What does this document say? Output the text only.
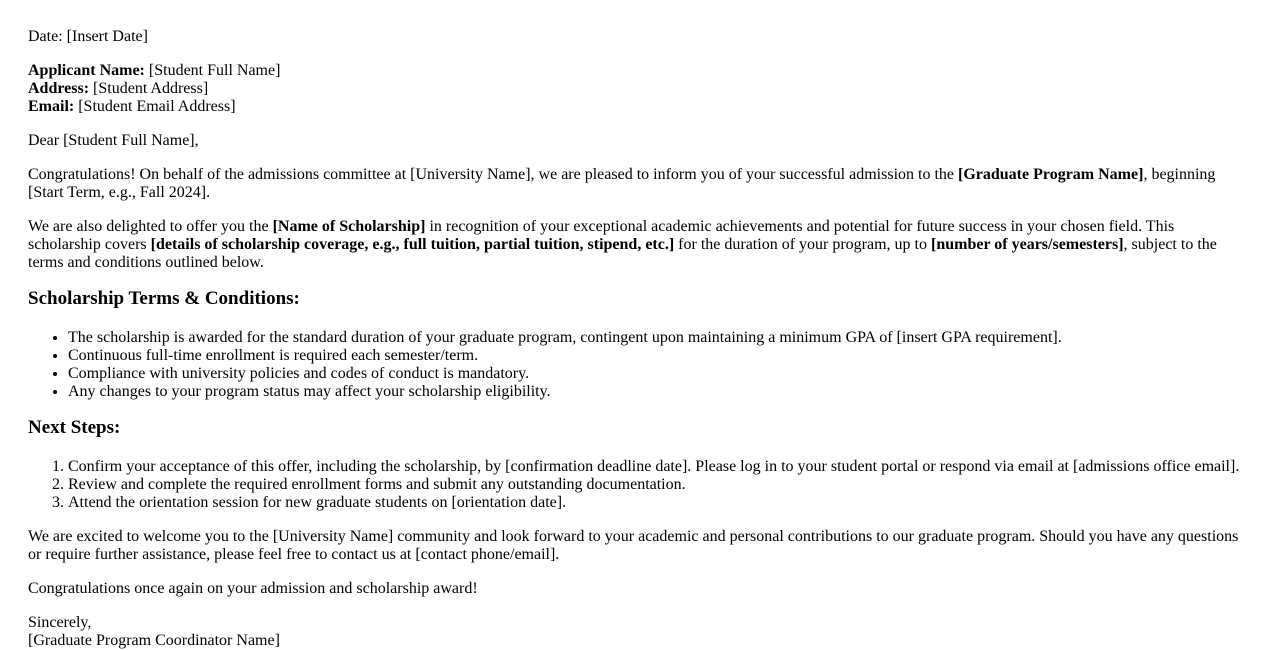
Date: [Insert Date]

Applicant Name: [Student Full Name]
Address: [Student Address]
Email: [Student Email Address]

Dear [Student Full Name],

Congratulations! On behalf of the admissions committee at [University Name], we are pleased to inform you of your successful admission to the [Graduate Program Name], beginning [Start Term, e.g., Fall 2024].

We are also delighted to offer you the [Name of Scholarship] in recognition of your exceptional academic achievements and potential for future success in your chosen field. This scholarship covers [details of scholarship coverage, e.g., full tuition, partial tuition, stipend, etc.] for the duration of your program, up to [number of years/semesters], subject to the terms and conditions outlined below.

Scholarship Terms & Conditions:
• The scholarship is awarded for the standard duration of your graduate program, contingent upon maintaining a minimum GPA of [insert GPA requirement].
• Continuous full-time enrollment is required each semester/term.
• Compliance with university policies and codes of conduct is mandatory.
• Any changes to your program status may affect your scholarship eligibility.
Next Steps:
1. Confirm your acceptance of this offer, including the scholarship, by [confirmation deadline date]. Please log in to your student portal or respond via email at [admissions office email].
2. Review and complete the required enrollment forms and submit any outstanding documentation.
3. Attend the orientation session for new graduate students on [orientation date].

We are excited to welcome you to the [University Name] community and look forward to your academic and personal contributions to our graduate program. Should you have any questions or require further assistance, please feel free to contact us at [contact phone/email].

Congratulations once again on your admission and scholarship award!

Sincerely,
[Graduate Program Coordinator Name]
